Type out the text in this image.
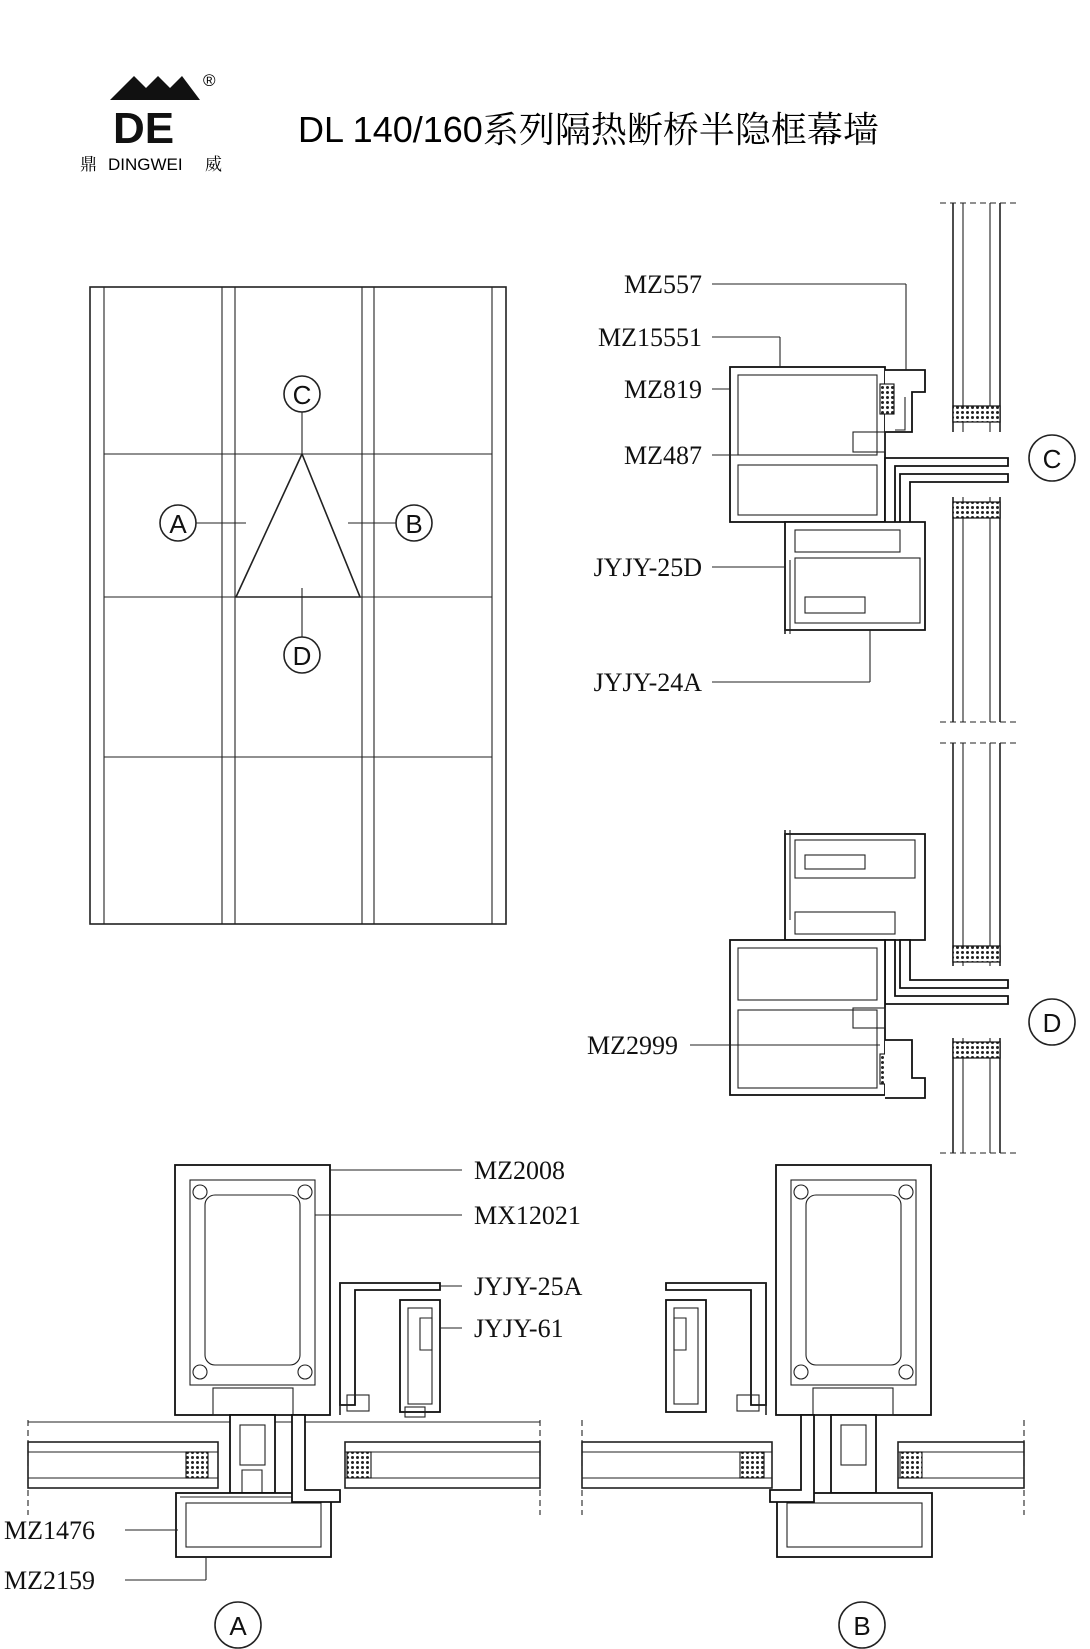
DE
®
鼎 DINGWEI 威
DL 140/160系列隔热断桥半隐框幕墙
C
A	B
D
MZ557
MZ15551
MZ819
MZ487
JYJY-25D
JYJY-24A
C
MZ2999
D
MZ2008
MX12021
JYJY-25A
JYJY-61
MZ1476
MZ2159
A	B
